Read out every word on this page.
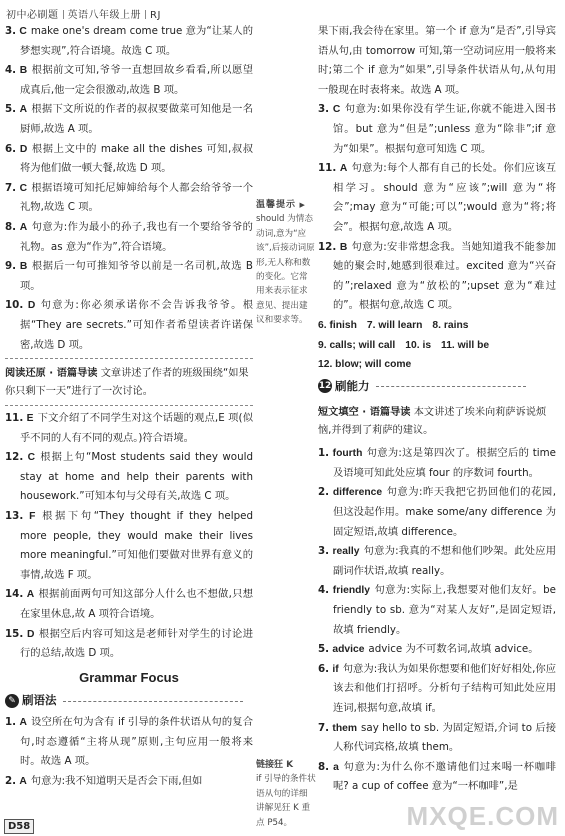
初中必刷题 英语八年级上册 RJ
3. C make one's dream come true 意为“让某人的梦想实现”,符合语境。故选 C 项。
4. B 根据前文可知,爷爷一直想回故乡看看,所以愿望成真后,他一定会很激动,故选 B 项。
5. A 根据下文所说的作者的叔叔要做菜可知他是一名厨师,故选 A 项。
6. D 根据上文中的 make all the dishes 可知,叔叔将为他们做一顿大餐,故选 D 项。
7. C 根据语境可知托尼婶婶给每个人都会给爷爷一个礼物,故选 C 项。
8. A 句意为:作为最小的孙子,我也有一个要给爷爷的礼物。as 意为“作为”,符合语境。
9. B 根据后一句可推知爷爷以前是一名司机,故选 B 项。
10. D 句意为:你必须承诺你不会告诉我爷爷。根据“They are secrets.”可知作者希望读者许诺保密,故选 D 项。
阅读还原 · 语篇导读 文章讲述了作者的班级围绕“如果你只剩下一天”进行了一次讨论。
11. E 下文介绍了不同学生对这个话题的观点,E 项(似乎不同的人有不同的观点。)符合语境。
12. C 根据上句“Most students said they would stay at home and help their parents with housework.”可知本句与父母有关,故选 C 项。
13. F 根据下句“They thought if they helped more people, they would make their lives more meaningful.”可知他们要做对世界有意义的事情,故选 F 项。
14. A 根据前面两句可知这部分人什么也不想做,只想在家里休息,故 A 项符合语境。
15. D 根据空后内容可知这是老师针对学生的讨论进行的总结,故选 D 项。
Grammar Focus
✎ 刷语法
1. A 设空所在句为含有 if 引导的条件状语从句的复合句,时态遵循“主将从现”原则,主句应用一般将来时。故选 A 项。
2. A 句意为:我不知道明天是否会下雨,但如
温馨提示 ▶
should 为情态动词,意为“应该”,后接动词原形,无人称和数的变化。它常用来表示征求意见、提出建议和要求等。
链接狂 K
if 引导的条件状语从句的详细讲解见狂 K 重点 P54。
果下雨,我会待在家里。第一个 if 意为“是否”,引导宾语从句,由 tomorrow 可知,第一空动词应用一般将来时;第二个 if 意为“如果”,引导条件状语从句,从句用一般现在时表将来。故选 A 项。
3. C 句意为:如果你没有学生证,你就不能进入图书馆。but 意为“但是”;unless 意为“除非”;if 意为“如果”。根据句意可知选 C 项。
11. A 句意为:每个人都有自己的长处。你们应该互相学习。should 意为“应该”;will 意为“将会”;may 意为“可能;可以”;would 意为“将;将会”。根据句意,故选 A 项。
12. B 句意为:安非常想念我。当她知道我不能参加她的聚会时,她感到很难过。excited 意为“兴奋的”;relaxed 意为“放松的”;upset 意为“难过的”。根据句意,故选 C 项。
6. finish 7. will learn 8. rains
9. calls; will call 10. is 11. will be
12. blow; will come
12 刷能力
短文填空 · 语篇导读 本文讲述了埃米向莉萨诉说烦恼,并得到了莉萨的建议。
1. fourth 句意为:这是第四次了。根据空后的 time 及语境可知此处应填 four 的序数词 fourth。
2. difference 句意为:昨天我把它扔回他们的花园,但这没起作用。make some/any difference 为固定短语,故填 difference。
3. really 句意为:我真的不想和他们吵架。此处应用副词作状语,故填 really。
4. friendly 句意为:实际上,我想要对他们友好。be friendly to sb. 意为“对某人友好”,是固定短语,故填 friendly。
5. advice advice 为不可数名词,故填 advice。
6. if 句意为:我认为如果你想要和他们好好相处,你应该去和他们打招呼。分析句子结构可知此处应用连词,根据句意,故填 if。
7. them say hello to sb. 为固定短语,介词 to 后接人称代词宾格,故填 them。
8. a 句意为:为什么你不邀请他们过来喝一杯咖啡呢? a cup of coffee 意为“一杯咖啡”,是
D58	MXQE.COM
